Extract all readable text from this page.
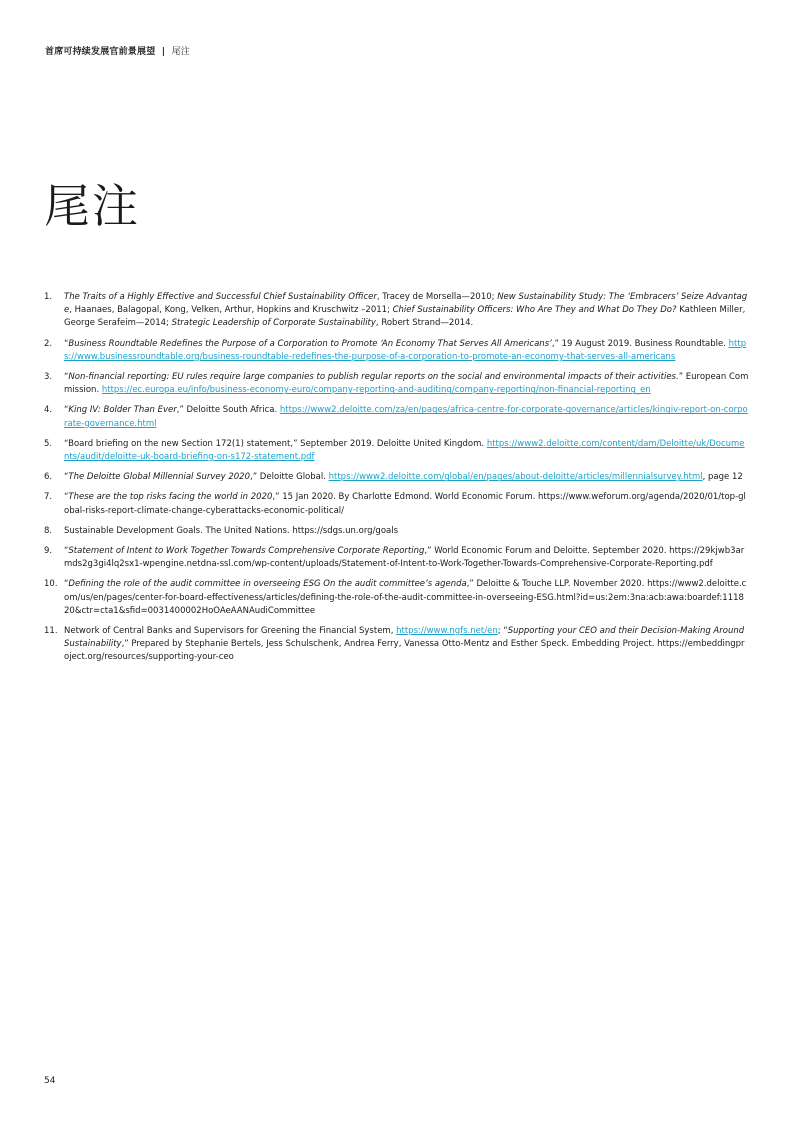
首席可持续发展官前景展望 | 尾注
尾注
1.	The Traits of a Highly Effective and Successful Chief Sustainability Officer, Tracey de Morsella—2010; New Sustainability Study: The ‘Embracers’ Seize Advantage, Haanaes, Balagopal, Kong, Velken, Arthur, Hopkins and Kruschwitz –2011; Chief Sustainability Officers: Who Are They and What Do They Do? Kathleen Miller, George Serafeim—2014; Strategic Leadership of Corporate Sustainability, Robert Strand—2014.
2.	“Business Roundtable Redefines the Purpose of a Corporation to Promote ‘An Economy That Serves All Americans’,” 19 August 2019. Business Roundtable. https://www.businessroundtable.org/business-roundtable-redefines-the-purpose-of-a-corporation-to-promote-an-economy-that-serves-all-americans
3.	“Non-financial reporting: EU rules require large companies to publish regular reports on the social and environmental impacts of their activities.” European Commission. https://ec.europa.eu/info/business-economy-euro/company-reporting-and-auditing/company-reporting/non-financial-reporting_en
4.	“King IV: Bolder Than Ever,” Deloitte South Africa. https://www2.deloitte.com/za/en/pages/africa-centre-for-corporate-governance/articles/kingiv-report-on-corporate-governance.html
5.	“Board briefing on the new Section 172(1) statement,” September 2019. Deloitte United Kingdom. https://www2.deloitte.com/content/dam/Deloitte/uk/Documents/audit/deloitte-uk-board-briefing-on-s172-statement.pdf
6.	“The Deloitte Global Millennial Survey 2020,” Deloitte Global. https://www2.deloitte.com/global/en/pages/about-deloitte/articles/millennialsurvey.html, page 12
7.	“These are the top risks facing the world in 2020,” 15 Jan 2020. By Charlotte Edmond. World Economic Forum. https://www.weforum.org/agenda/2020/01/top-global-risks-report-climate-change-cyberattacks-economic-political/
8.	Sustainable Development Goals. The United Nations. https://sdgs.un.org/goals
9.	“Statement of Intent to Work Together Towards Comprehensive Corporate Reporting,” World Economic Forum and Deloitte. September 2020. https://29kjwb3armds2g3gi4lq2sx1-wpengine.netdna-ssl.com/wp-content/uploads/Statement-of-Intent-to-Work-Together-Towards-Comprehensive-Corporate-Reporting.pdf
10. “Defining the role of the audit committee in overseeing ESG On the audit committee’s agenda,” Deloitte & Touche LLP. November 2020. https://www2.deloitte.com/us/en/pages/center-for-board-effectiveness/articles/defining-the-role-of-the-audit-committee-in-overseeing-ESG.html?id=us:2em:3na:acb:awa:boardef:111820&ctr=cta1&sfid=0031400002HoOAeAANAudiCommittee
11. Network of Central Banks and Supervisors for Greening the Financial System, https://www.ngfs.net/en; “Supporting your CEO and their Decision-Making Around Sustainability,” Prepared by Stephanie Bertels, Jess Schulschenk, Andrea Ferry, Vanessa Otto-Mentz and Esther Speck. Embedding Project. https://embeddingproject.org/resources/supporting-your-ceo
54
